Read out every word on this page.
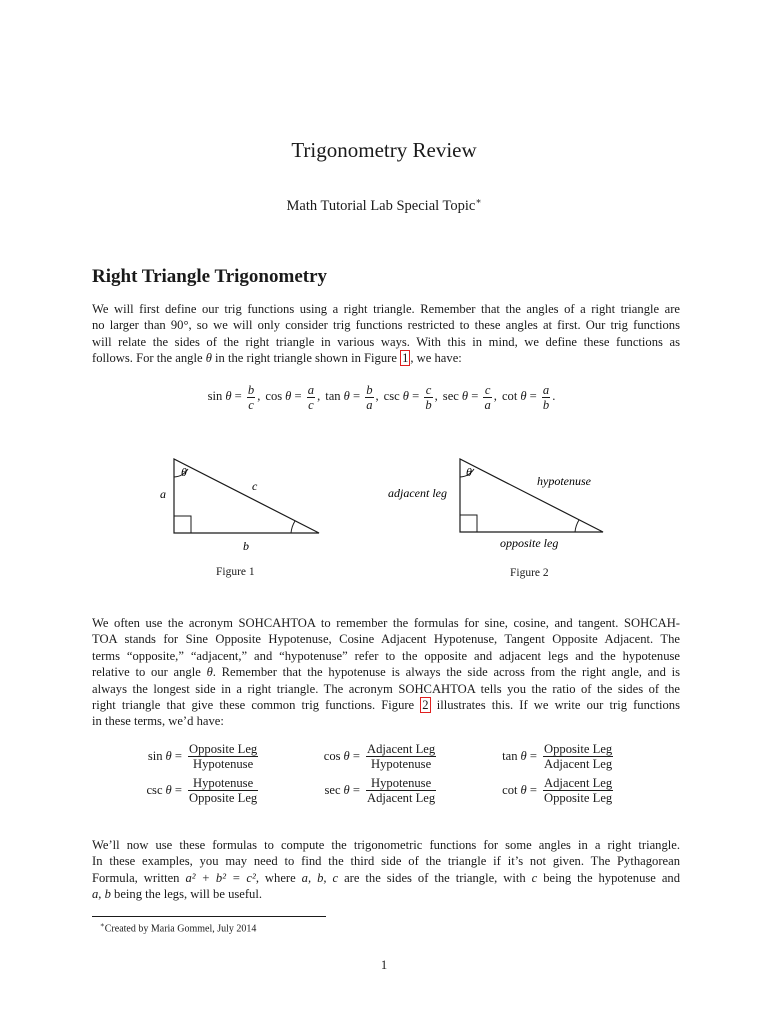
Trigonometry Review
Math Tutorial Lab Special Topic∗
Right Triangle Trigonometry
We will first define our trig functions using a right triangle. Remember that the angles of a right triangle are
no larger than 90°, so we will only consider trig functions restricted to these angles at first. Our trig functions
will relate the sides of the right triangle in various ways. With this in mind, we define these functions as
follows. For the angle θ in the right triangle shown in Figure 1 , we have:
$\sin \theta = \frac{b}{c}$ , $\cos \theta = \frac{a}{c}$ , $\tan \theta = \frac{b}{a}$ , $\csc \theta = \frac{c}{b}$ , $\sec \theta = \frac{c}{a}$ , $\cot \theta = \frac{a}{b}$ .
θ
a
c
b
Figure 1
θ
adjacent leg
hypotenuse
opposite leg
Figure 2
We often use the acronym SOHCAHTOA to remember the formulas for sine, cosine, and tangent. SOHCAH-
TOA stands for Sine Opposite Hypotenuse, Cosine Adjacent Hypotenuse, Tangent Opposite Adjacent. The
terms “opposite,” “adjacent,” and “hypotenuse” refer to the opposite and adjacent legs and the hypotenuse
relative to our angle θ. Remember that the hypotenuse is always the side across from the right angle, and is
always the longest side in a right triangle. The acronym SOHCAHTOA tells you the ratio of the sides of the
right triangle that give these common trig functions. Figure 2 illustrates this. If we write our trig functions
in these terms, we’d have:
$\sin \theta = \frac{\text{Opposite Leg}}{\text{Hypotenuse}}$	$\cos \theta = \frac{\text{Adjacent Leg}}{\text{Hypotenuse}}$	$\tan \theta = \frac{\text{Opposite Leg}}{\text{Adjacent Leg}}$
$\csc \theta = \frac{\text{Hypotenuse}}{\text{Opposite Leg}}$	$\sec \theta = \frac{\text{Hypotenuse}}{\text{Adjacent Leg}}$	$\cot \theta = \frac{\text{Adjacent Leg}}{\text{Opposite Leg}}$
We’ll now use these formulas to compute the trigonometric functions for some angles in a right triangle.
In these examples, you may need to find the third side of the triangle if it’s not given. The Pythagorean
Formula, written a² + b² = c², where a, b, c are the sides of the triangle, with c being the hypotenuse and
a, b being the legs, will be useful.
∗Created by Maria Gommel, July 2014
1
